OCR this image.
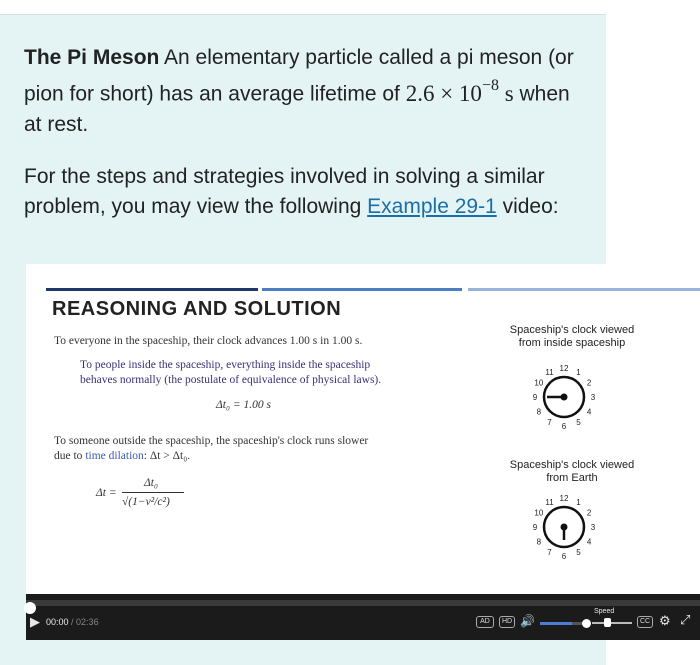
The Pi Meson An elementary particle called a pi meson (or pion for short) has an average lifetime of $2.6 \times 10^{-8}$ s when at rest.

For the steps and strategies involved in solving a similar problem, you may view the following Example 29-1 video:

REASONING AND SOLUTION
To everyone in the spaceship, their clock advances 1.00 s in 1.00 s.
To people inside the spaceship, everything inside the spaceship
behaves normally (the postulate of equivalence of physical laws).
Δt₀ = 1.00 s
To someone outside the spaceship, the spaceship's clock runs slower
due to time dilation: Δt > Δt₀.
Δt =
Δt₀
√(1−v²/c²)
Spaceship's clock viewed
from inside spaceship
Spaceship's clock viewed
from Earth
12 1
2
3
4
5
6
7
8
9
10
11
12 1
2
3
4
5
6
7
8
9
10
11
▶ 00:00 / 02:36	AD	HD 🔊
Speed
CC ⚙ ⤢
